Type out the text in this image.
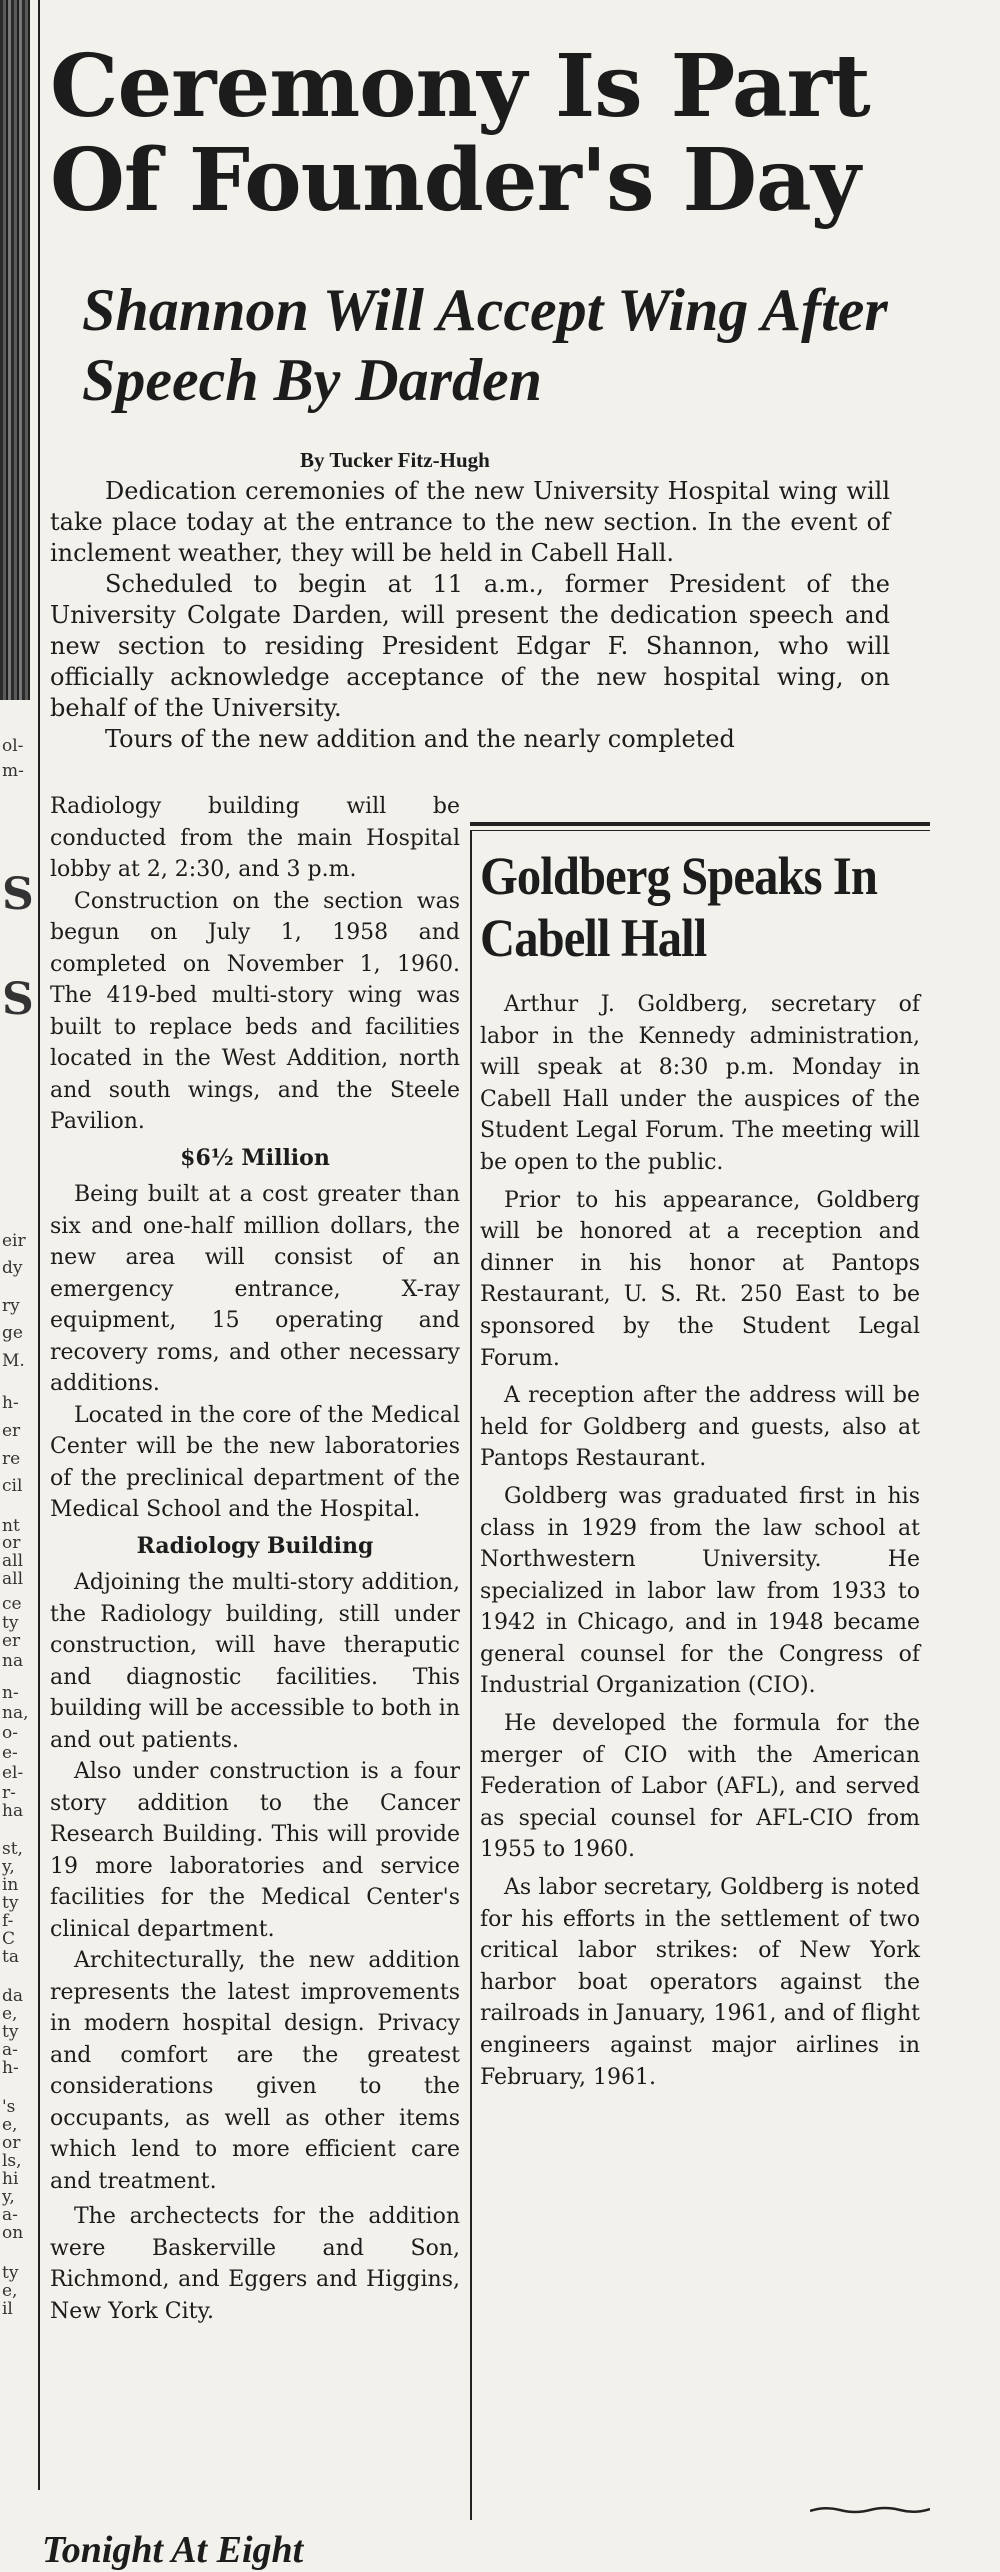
ol-
m-
S
S
eir
dy
ry
ge
M.
h-
er
re
cil
nt
or
all
all
ce
ty
er
na
n-
na,
o-
e-
el-
r-
ha
st,
y,
in
ty
f-
C
ta
da
e,
ty
a-
h-
's
e,
or
ls,
hi
y,
a-
on
ty
e,
il
Ceremony Is Part Of Founder's Day
Shannon Will Accept Wing After Speech By Darden
By Tucker Fitz-Hugh

Dedication ceremonies of the new University Hospital wing will take place today at the entrance to the new section. In the event of inclement weather, they will be held in Cabell Hall.

Scheduled to begin at 11 a.m., former President of the University Colgate Darden, will present the dedication speech and new section to residing President Edgar F. Shannon, who will officially acknowledge acceptance of the new hospital wing, on behalf of the University.

Tours of the new addition and the nearly completed

Radiology building will be conducted from the main Hospital lobby at 2, 2:30, and 3 p.m.

Construction on the section was begun on July 1, 1958 and completed on November 1, 1960. The 419-bed multi-story wing was built to replace beds and facilities located in the West Addition, north and south wings, and the Steele Pavilion.

$6½ Million

Being built at a cost greater than six and one-half million dollars, the new area will consist of an emergency entrance, X-ray equipment, 15 operating and recovery roms, and other necessary additions.

Located in the core of the Medical Center will be the new laboratories of the preclinical department of the Medical School and the Hospital.

Radiology Building

Adjoining the multi-story addition, the Radiology building, still under construction, will have theraputic and diagnostic facilities. This building will be accessible to both in and out patients.

Also under construction is a four story addition to the Cancer Research Building. This will provide 19 more laboratories and service facilities for the Medical Center's clinical department.

Architecturally, the new addition represents the latest improvements in modern hospital design. Privacy and comfort are the greatest considerations given to the occupants, as well as other items which lend to more efficient care and treatment.

The archectects for the addition were Baskerville and Son, Richmond, and Eggers and Higgins, New York City.

Goldberg Speaks In Cabell Hall

Arthur J. Goldberg, secretary of labor in the Kennedy administration, will speak at 8:30 p.m. Monday in Cabell Hall under the auspices of the Student Legal Forum. The meeting will be open to the public.

Prior to his appearance, Goldberg will be honored at a reception and dinner in his honor at Pantops Restaurant, U. S. Rt. 250 East to be sponsored by the Student Legal Forum.

A reception after the address will be held for Goldberg and guests, also at Pantops Restaurant.

Goldberg was graduated first in his class in 1929 from the law school at Northwestern University. He specialized in labor law from 1933 to 1942 in Chicago, and in 1948 became general counsel for the Congress of Industrial Organization (CIO).

He developed the formula for the merger of CIO with the American Federation of Labor (AFL), and served as special counsel for AFL-CIO from 1955 to 1960.

As labor secretary, Goldberg is noted for his efforts in the settlement of two critical labor strikes: of New York harbor boat operators against the railroads in January, 1961, and of flight engineers against major airlines in February, 1961.

Tonight At Eight
